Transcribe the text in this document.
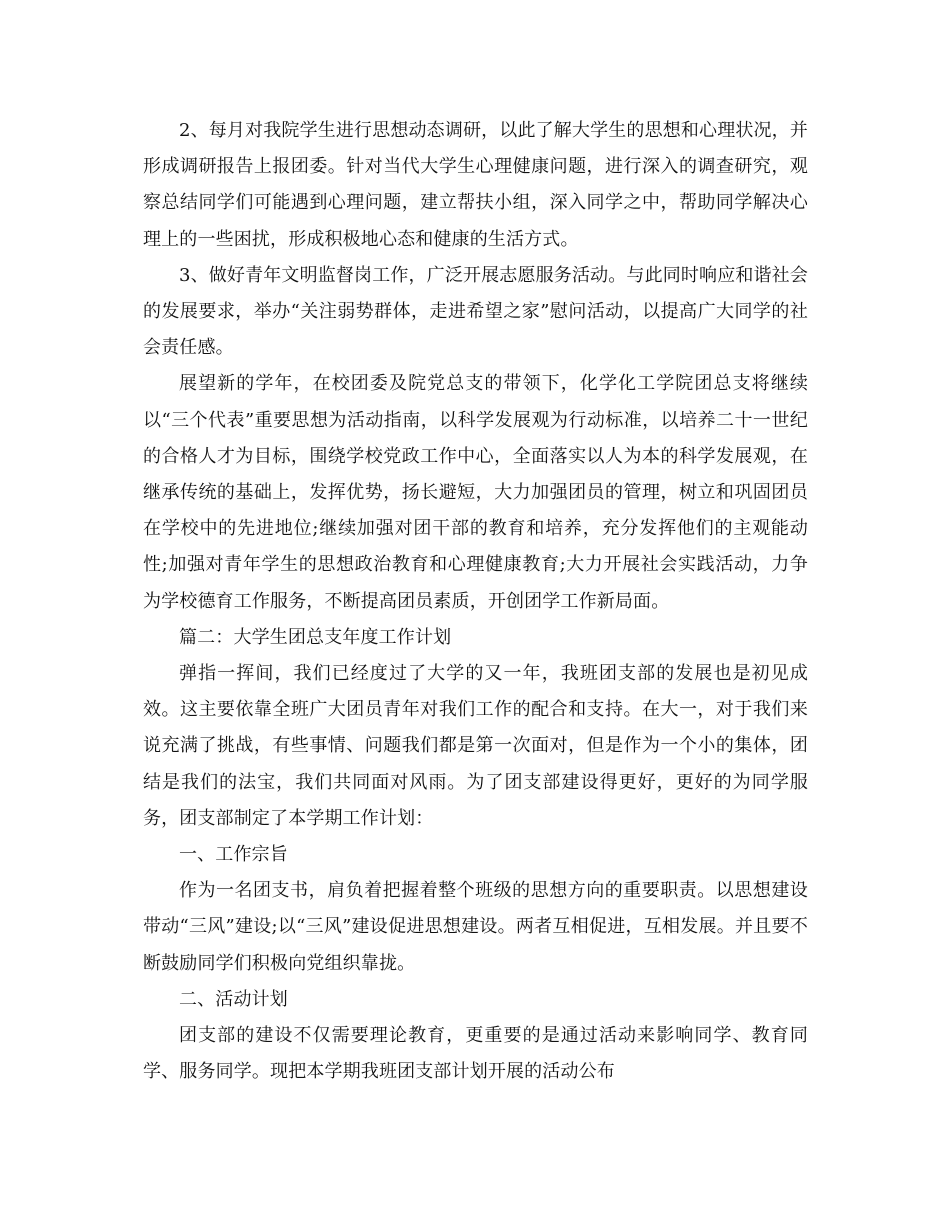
2、每月对我院学生进行思想动态调研，以此了解大学生的思想和心理状况，并形成调研报告上报团委。针对当代大学生心理健康问题，进行深入的调查研究，观察总结同学们可能遇到心理问题，建立帮扶小组，深入同学之中，帮助同学解决心理上的一些困扰，形成积极地心态和健康的生活方式。

3、做好青年文明监督岗工作，广泛开展志愿服务活动。与此同时响应和谐社会的发展要求，举办“关注弱势群体，走进希望之家”慰问活动，以提高广大同学的社会责任感。

展望新的学年，在校团委及院党总支的带领下，化学化工学院团总支将继续以“三个代表”重要思想为活动指南，以科学发展观为行动标准，以培养二十一世纪的合格人才为目标，围绕学校党政工作中心，全面落实以人为本的科学发展观，在继承传统的基础上，发挥优势，扬长避短，大力加强团员的管理，树立和巩固团员在学校中的先进地位;继续加强对团干部的教育和培养，充分发挥他们的主观能动性;加强对青年学生的思想政治教育和心理健康教育;大力开展社会实践活动，力争为学校德育工作服务，不断提高团员素质，开创团学工作新局面。

篇二：大学生团总支年度工作计划

弹指一挥间，我们已经度过了大学的又一年，我班团支部的发展也是初见成效。这主要依靠全班广大团员青年对我们工作的配合和支持。在大一，对于我们来说充满了挑战，有些事情、问题我们都是第一次面对，但是作为一个小的集体，团结是我们的法宝，我们共同面对风雨。为了团支部建设得更好，更好的为同学服务，团支部制定了本学期工作计划：

一、工作宗旨

作为一名团支书，肩负着把握着整个班级的思想方向的重要职责。以思想建设带动“三风”建设;以“三风”建设促进思想建设。两者互相促进，互相发展。并且要不断鼓励同学们积极向党组织靠拢。

二、活动计划

团支部的建设不仅需要理论教育，更重要的是通过活动来影响同学、教育同学、服务同学。现把本学期我班团支部计划开展的活动公布
